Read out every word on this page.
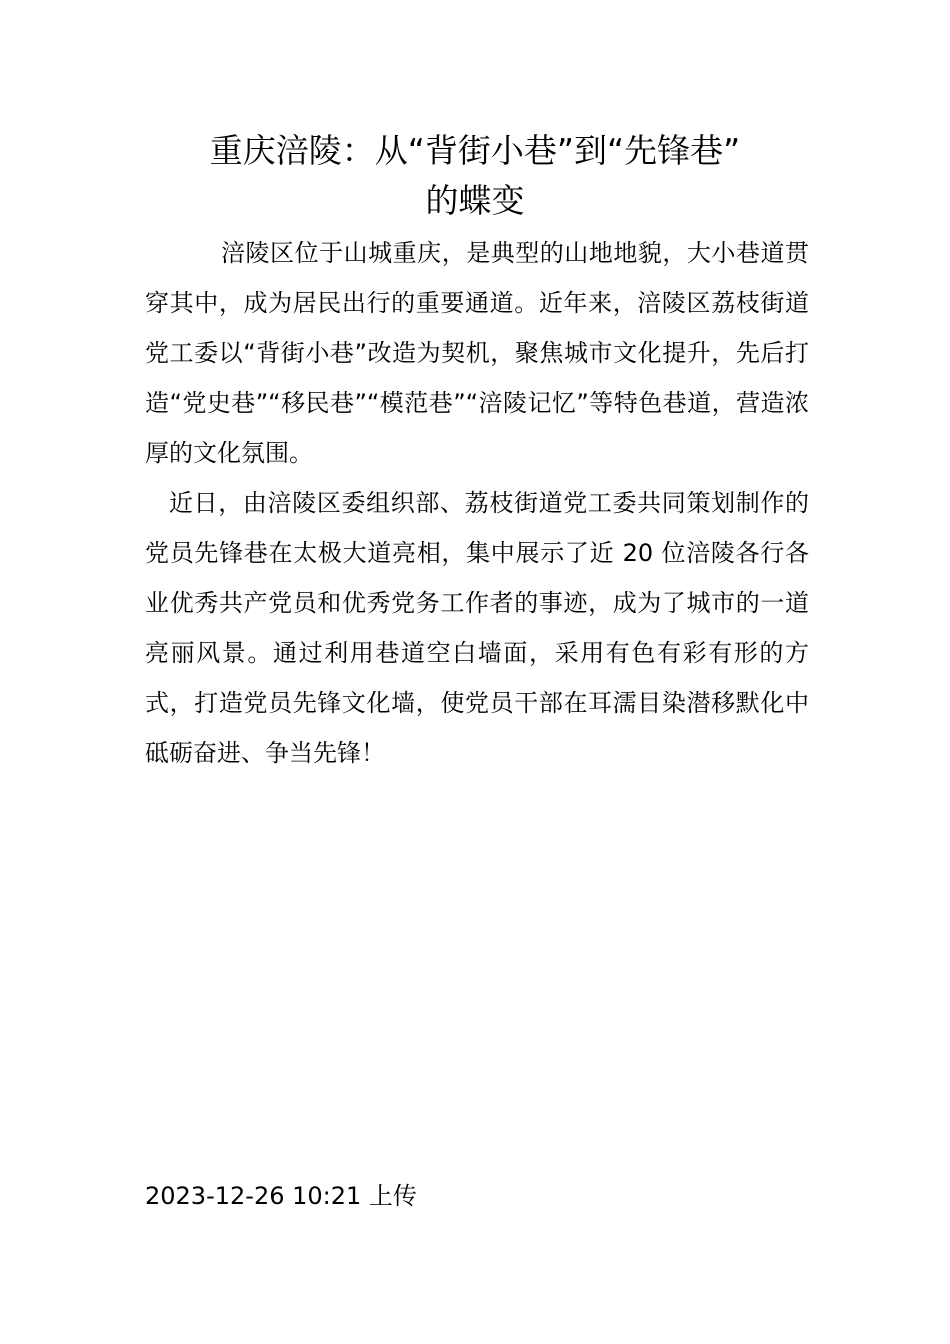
重庆涪陵：从“背街小巷”到“先锋巷”
的蝶变

涪陵区位于山城重庆，是典型的山地地貌，大小巷道贯穿其中，成为居民出行的重要通道。近年来，涪陵区荔枝街道党工委以“背街小巷”改造为契机，聚焦城市文化提升，先后打造“党史巷”“移民巷”“模范巷”“涪陵记忆”等特色巷道，营造浓厚的文化氛围。

近日，由涪陵区委组织部、荔枝街道党工委共同策划制作的党员先锋巷在太极大道亮相，集中展示了近 20 位涪陵各行各业优秀共产党员和优秀党务工作者的事迹，成为了城市的一道亮丽风景。通过利用巷道空白墙面，采用有色有彩有形的方式，打造党员先锋文化墙，使党员干部在耳濡目染潜移默化中砥砺奋进、争当先锋！

2023-12-26 10:21 上传
